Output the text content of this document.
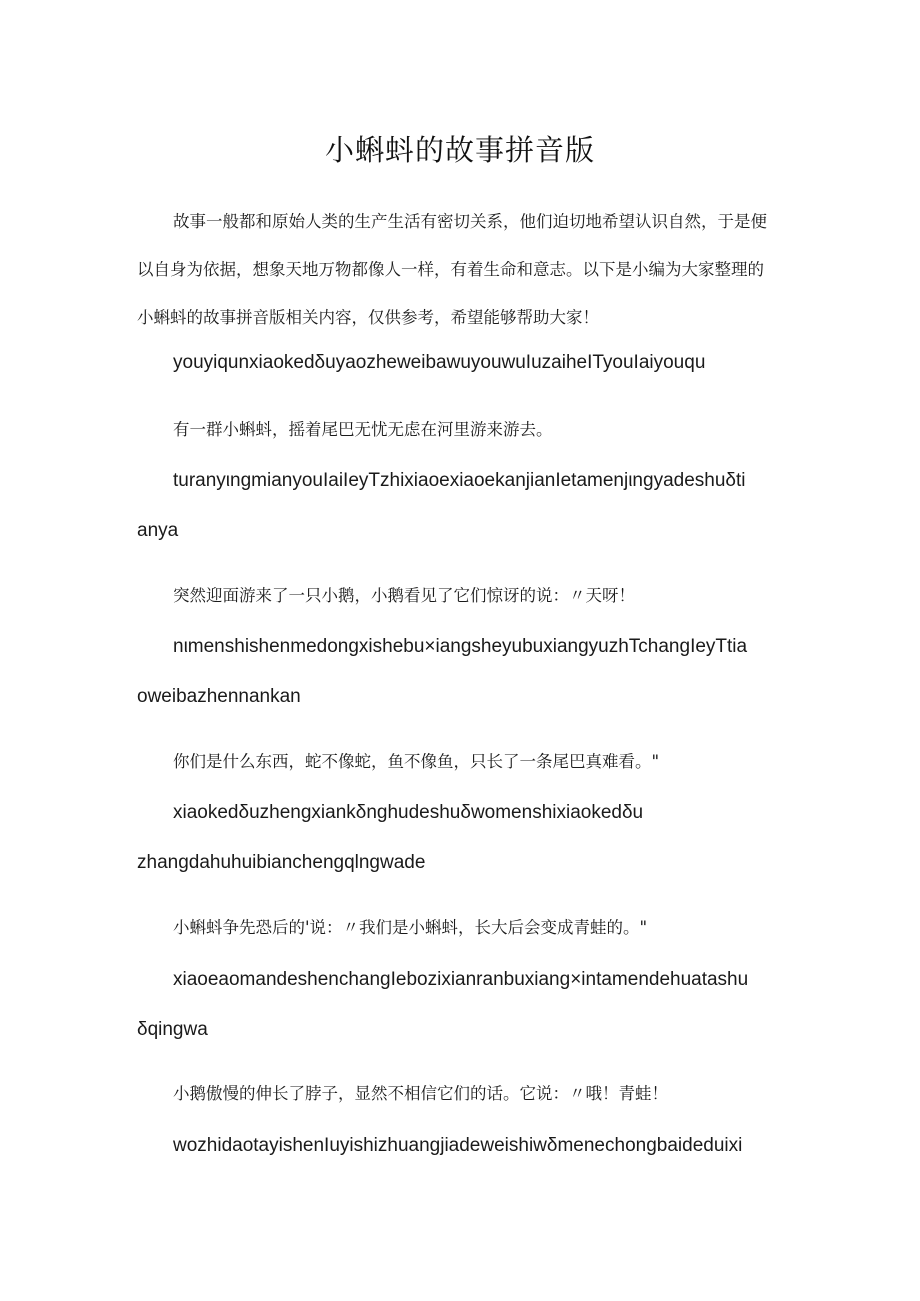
小蝌蚪的故事拼音版
故事一般都和原始人类的生产生活有密切关系，他们迫切地希望认识自然，于是便
以自身为依据，想象天地万物都像人一样，有着生命和意志。以下是小编为大家整理的
小蝌蚪的故事拼音版相关内容，仅供参考，希望能够帮助大家！
youyiqunxiaokedδuyaozheweibawuyouwuIuzaiheITyouIaiyouqu
有一群小蝌蚪，摇着尾巴无忧无虑在河里游来游去。
turanyιngmianyouIaiIeyTzhixiaoexiaoekanjianIetamenjιngyadeshuδti
anya
突然迎面游来了一只小鹅，小鹅看见了它们惊讶的说：〃天呀！
nιmenshishenmedongxishebu×iangsheyubuxiangyuzhTchangIeyTtia
oweibazhennankan
你们是什么东西，蛇不像蛇，鱼不像鱼，只长了一条尾巴真难看。"
xiaokedδuzhengxiankδnghudeshuδwomenshixiaokedδu
zhangdahuhuibianchengqlngwade
小蝌蚪争先恐后的'说：〃我们是小蝌蚪，长大后会变成青蛙的。"
xiaoeaomandeshenchangIebozixianranbuxiang×intamendehuatashu
δqingwa
小鹅傲慢的伸长了脖子，显然不相信它们的话。它说：〃哦！青蛙！
wozhidaotayishenIuyishizhuangjiadeweishiwδmenechongbaideduixi
